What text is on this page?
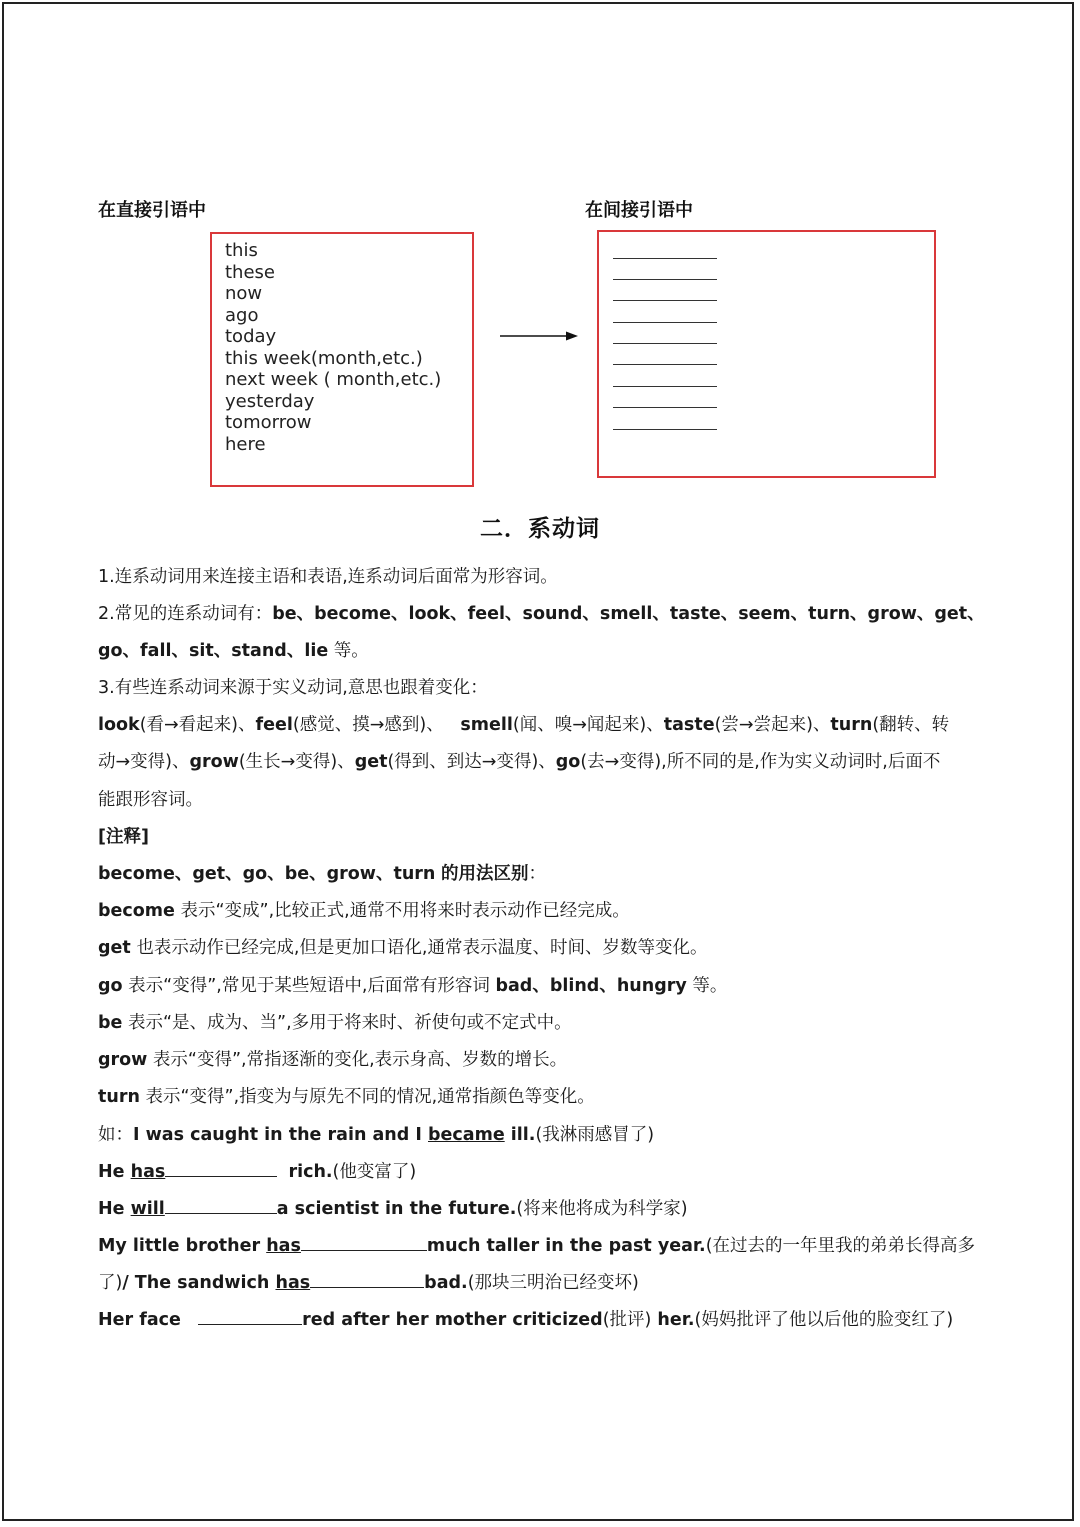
在直接引语中	在间接引语中
this
these
now
ago
today
this week(month,etc.)
next week ( month,etc.)
yesterday
tomorrow
here
二．系动词
1.连系动词用来连接主语和表语,连系动词后面常为形容词。
2.常见的连系动词有：be、become、look、feel、sound、smell、taste、seem、turn、grow、get、
go、fall、sit、stand、lie 等。
3.有些连系动词来源于实义动词,意思也跟着变化：
look(看→看起来)、feel(感觉、摸→感到)、   smell(闻、嗅→闻起来)、taste(尝→尝起来)、turn(翻转、转
动→变得)、grow(生长→变得)、get(得到、到达→变得)、go(去→变得),所不同的是,作为实义动词时,后面不
能跟形容词。
[注释]
become、get、go、be、grow、turn 的用法区别：
become 表示“变成”,比较正式,通常不用将来时表示动作已经完成。
get 也表示动作已经完成,但是更加口语化,通常表示温度、时间、岁数等变化。
go 表示“变得”,常见于某些短语中,后面常有形容词 bad、blind、hungry 等。
be 表示“是、成为、当”,多用于将来时、祈使句或不定式中。
grow 表示“变得”,常指逐渐的变化,表示身高、岁数的增长。
turn 表示“变得”,指变为与原先不同的情况,通常指颜色等变化。
如：I was caught in the rain and I became ill.(我淋雨感冒了)
He has	rich.(他变富了)
He will	a scientist in the future.(将来他将成为科学家)
My little brother has	much taller in the past year.(在过去的一年里我的弟弟长得高多
了)/ The sandwich has	bad.(那块三明治已经变坏)
Her face	red after her mother criticized(批评) her.(妈妈批评了他以后他的脸变红了)
